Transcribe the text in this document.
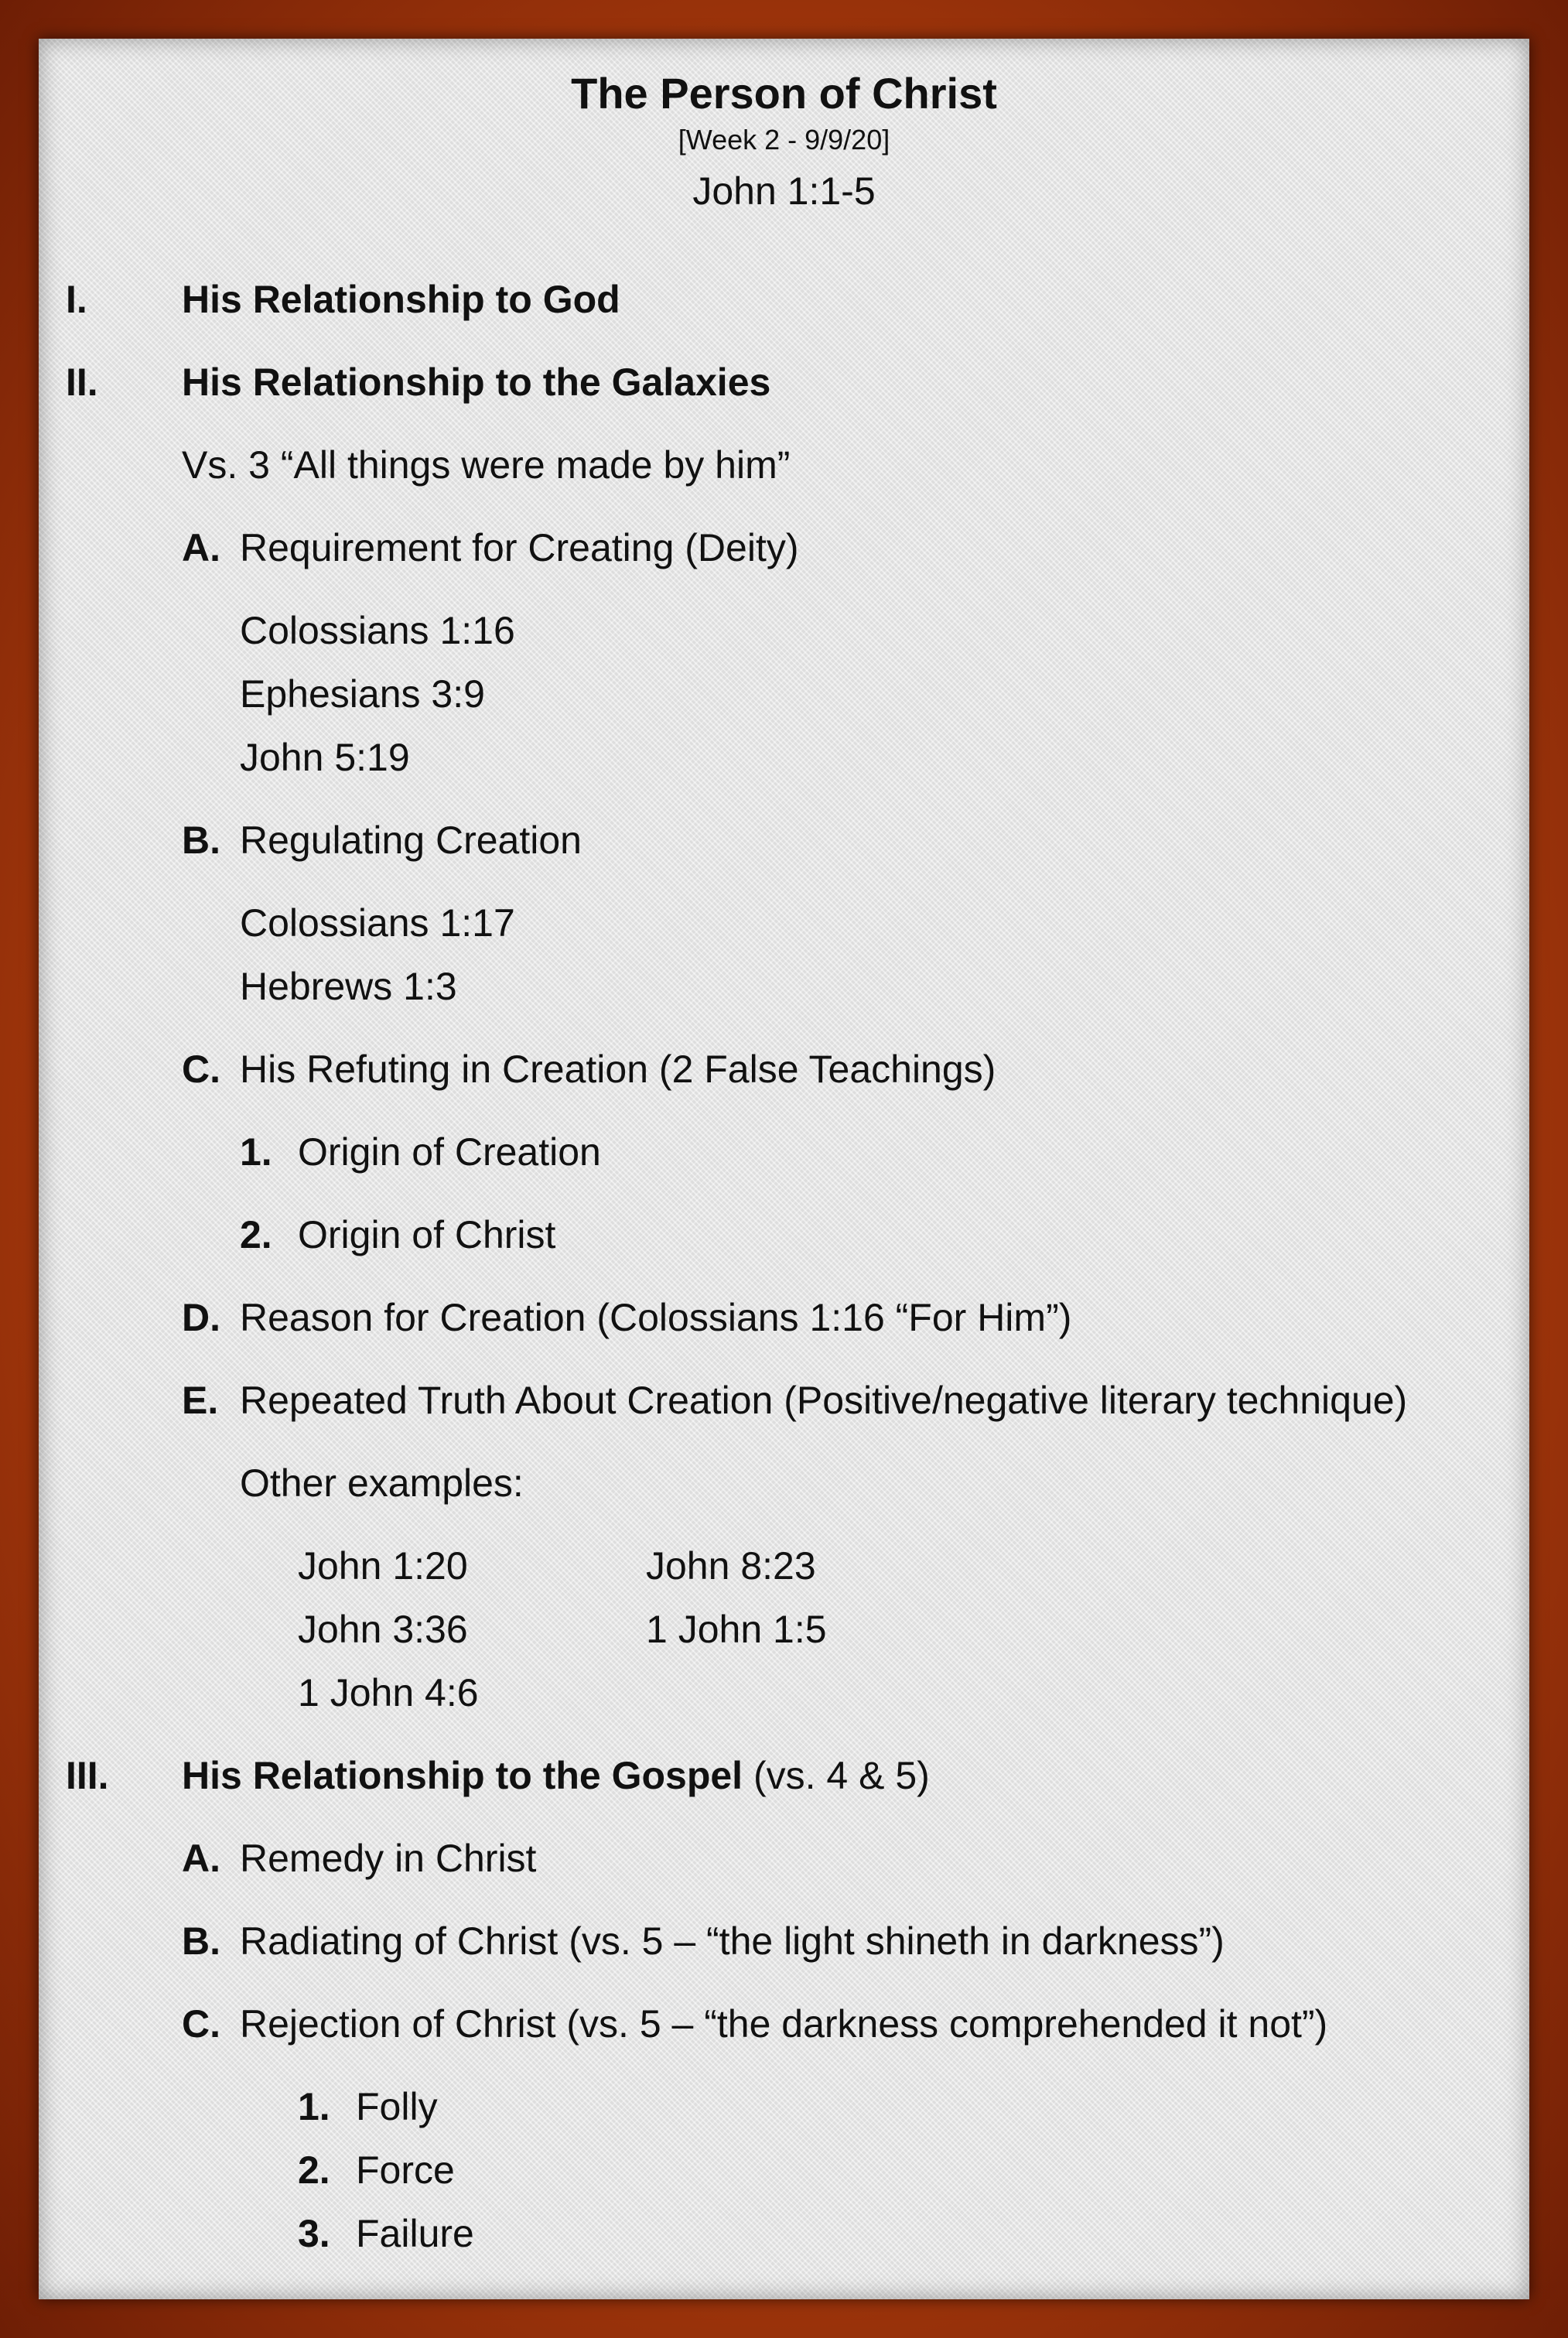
The Person of Christ
[Week 2 - 9/9/20]
John 1:1-5
I. His Relationship to God
II. His Relationship to the Galaxies
Vs. 3 “All things were made by him”
A. Requirement for Creating (Deity)
Colossians 1:16
Ephesians 3:9
John 5:19
B. Regulating Creation
Colossians 1:17
Hebrews 1:3
C. His Refuting in Creation (2 False Teachings)
1. Origin of Creation
2. Origin of Christ
D. Reason for Creation (Colossians 1:16 “For Him”)
E. Repeated Truth About Creation (Positive/negative literary technique)
Other examples:
John 1:20	John 8:23
John 3:36	1 John 1:5
1 John 4:6
III. His Relationship to the Gospel (vs. 4 & 5)
A. Remedy in Christ
B. Radiating of Christ (vs. 5 – “the light shineth in darkness”)
C. Rejection of Christ (vs. 5 – “the darkness comprehended it not”)
1. Folly
2. Force
3. Failure
